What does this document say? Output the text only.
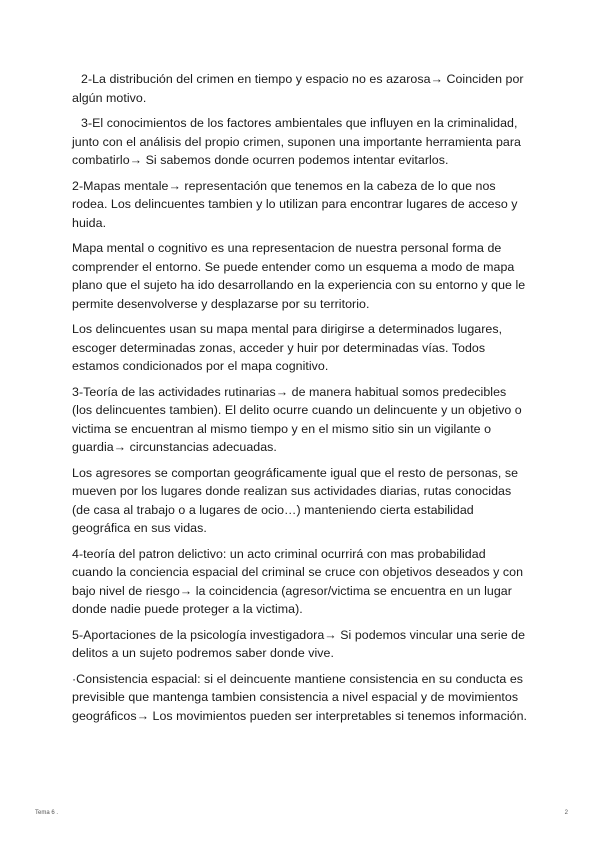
2-La distribución del crimen en tiempo y espacio no es azarosa→ Coinciden por algún motivo.

3-El conocimientos de los factores ambientales que influyen en la criminalidad, junto con el análisis del propio crimen, suponen una importante herramienta para combatirlo→ Si sabemos donde ocurren podemos intentar evitarlos.

2-Mapas mentale→ representación que tenemos en la cabeza de lo que nos rodea. Los delincuentes tambien y lo utilizan para encontrar lugares de acceso y huida.

Mapa mental o cognitivo es una representacion de nuestra personal forma de comprender el entorno. Se puede entender como un esquema a modo de mapa plano que el sujeto ha ido desarrollando en la experiencia con su entorno y que le permite desenvolverse y desplazarse por su territorio.

Los delincuentes usan su mapa mental para dirigirse a determinados lugares, escoger determinadas zonas, acceder y huir por determinadas vías. Todos estamos condicionados por el mapa cognitivo.

3-Teoría de las actividades rutinarias→ de manera habitual somos predecibles (los delincuentes tambien). El delito ocurre cuando un delincuente y un objetivo o victima se encuentran al mismo tiempo y en el mismo sitio sin un vigilante o guardia→ circunstancias adecuadas.

Los agresores se comportan geográficamente igual que el resto de personas, se mueven por los lugares donde realizan sus actividades diarias, rutas conocidas (de casa al trabajo o a lugares de ocio…) manteniendo cierta estabilidad geográfica en sus vidas.

4-teoría del patron delictivo: un acto criminal ocurrirá con mas probabilidad cuando la conciencia espacial del criminal se cruce con objetivos deseados y con bajo nivel de riesgo→ la coincidencia (agresor/victima se encuentra en un lugar donde nadie puede proteger a la victima).

5-Aportaciones de la psicología investigadora→ Si podemos vincular una serie de delitos a un sujeto podremos saber donde vive.

·Consistencia espacial: si el deincuente mantiene consistencia en su conducta es previsible que mantenga tambien consistencia a nivel espacial y de movimientos geográficos→ Los movimientos pueden ser interpretables si tenemos información.

Tema 6 .	2
